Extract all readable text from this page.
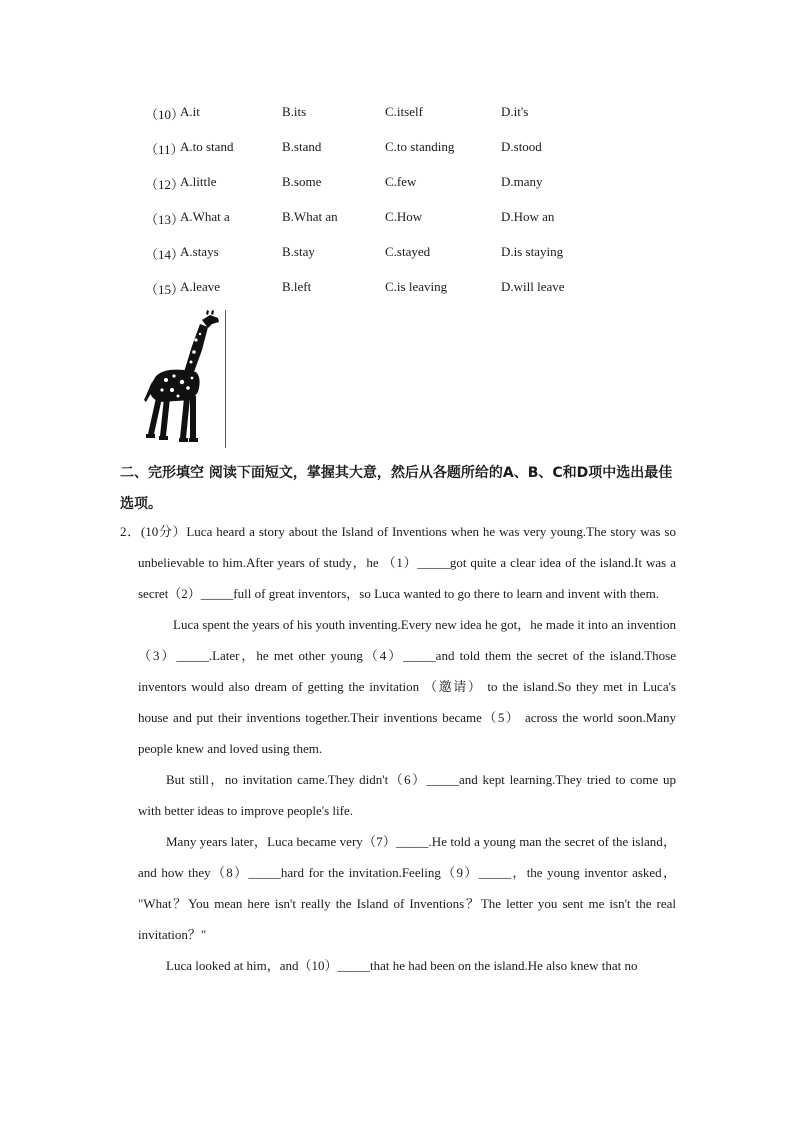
（10）
A.it	B.its	C.itself	D.it's
（11）
A.to stand	B.stand	C.to standing	D.stood
（12）
A.little	B.some	C.few	D.many
（13）
A.What a	B.What an	C.How	D.How an
（14）
A.stays	B.stay	C.stayed	D.is staying
（15）
A.leave	B.left	C.is leaving	D.will leave
二、完形填空 阅读下面短文，掌握其大意，然后从各题所给的A、B、C和D项中选出最佳选项。

2．(10分）Luca heard a story about the Island of Inventions when he was very young.The story was so unbelievable to him.After years of study，he （1）_____got quite a clear idea of the island.It was a secret（2）_____full of great inventors，so Luca wanted to go there to learn and invent with them.

Luca spent the years of his youth inventing.Every new idea he got，he made it into an invention（3）_____.Later，he met other young（4）_____and told them the secret of the island.Those inventors would also dream of getting the invitation （邀请） to the island.So they met in Luca's house and put their inventions together.Their inventions became（5） across the world soon.Many people knew and loved using them.

But still，no invitation came.They didn't（6）_____and kept learning.They tried to come up with better ideas to improve people's life.

Many years later，Luca became very（7）_____.He told a young man the secret of the island，and how they（8）_____hard for the invitation.Feeling（9）_____，the young inventor asked， "What？You mean here isn't really the Island of Inventions？The letter you sent me isn't the real invitation？"

Luca looked at him，and（10）_____that he had been on the island.He also knew that no
